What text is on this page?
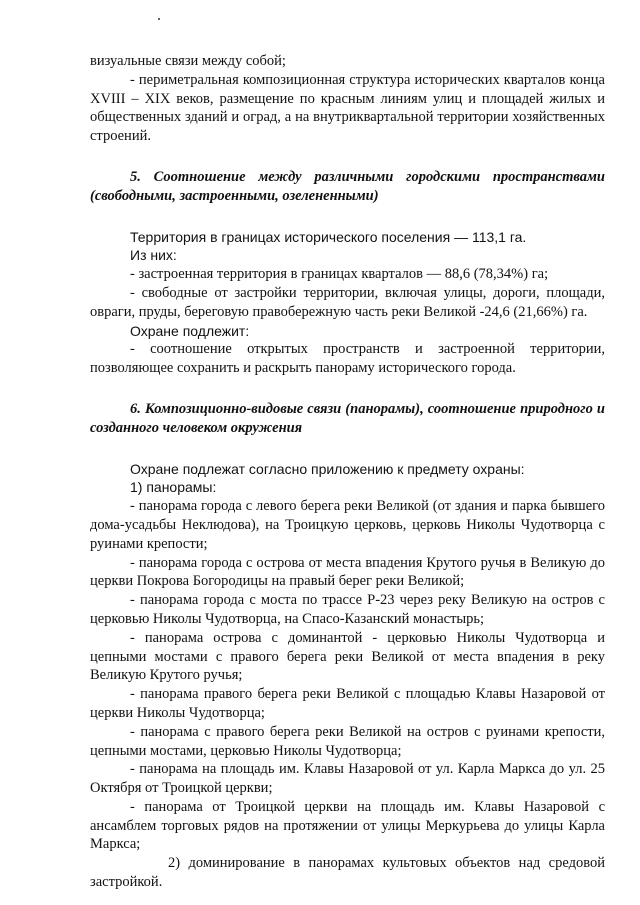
визуальные связи между собой;

- периметральная композиционная структура исторических кварталов конца XVIII – XIX веков, размещение по красным линиям улиц и площадей жилых и общественных зданий и оград, а на внутриквартальной территории хозяйственных строений.

5. Соотношение между различными городскими пространствами (свободными, застроенными, озелененными)

Территория в границах исторического поселения — 113,1 га.

Из них:

- застроенная территория в границах кварталов — 88,6 (78,34%) га;

- свободные от застройки территории, включая улицы, дороги, площади, овраги, пруды, береговую правобережную часть реки Великой -24,6 (21,66%) га.

Охране подлежит:

- соотношение открытых пространств и застроенной территории, позволяющее сохранить и раскрыть панораму исторического города.

6. Композиционно-видовые связи (панорамы), соотношение природного и созданного человеком окружения

Охране подлежат согласно приложению к предмету охраны:

1) панорамы:

- панорама города с левого берега реки Великой (от здания и парка бывшего дома-усадьбы Неклюдова), на Троицкую церковь, церковь Николы Чудотворца с руинами крепости;

- панорама города с острова от места впадения Крутого ручья в Великую до церкви Покрова Богородицы на правый берег реки Великой;

- панорама города с моста по трассе Р-23 через реку Великую на остров с церковью Николы Чудотворца, на Спасо-Казанский монастырь;

- панорама острова с доминантой - церковью Николы Чудотворца и цепными мостами с правого берега реки Великой от места впадения в реку Великую Крутого ручья;

- панорама правого берега реки Великой с площадью Клавы Назаровой от церкви Николы Чудотворца;

- панорама с правого берега реки Великой на остров с руинами крепости, цепными мостами, церковью Николы Чудотворца;

- панорама на площадь им. Клавы Назаровой от ул. Карла Маркса до ул. 25 Октября от Троицкой церкви;

- панорама от Троицкой церкви на площадь им. Клавы Назаровой с ансамблем торговых рядов на протяжении от улицы Меркурьева до улицы Карла Маркса;

2) доминирование в панорамах культовых объектов над средовой застройкой.
